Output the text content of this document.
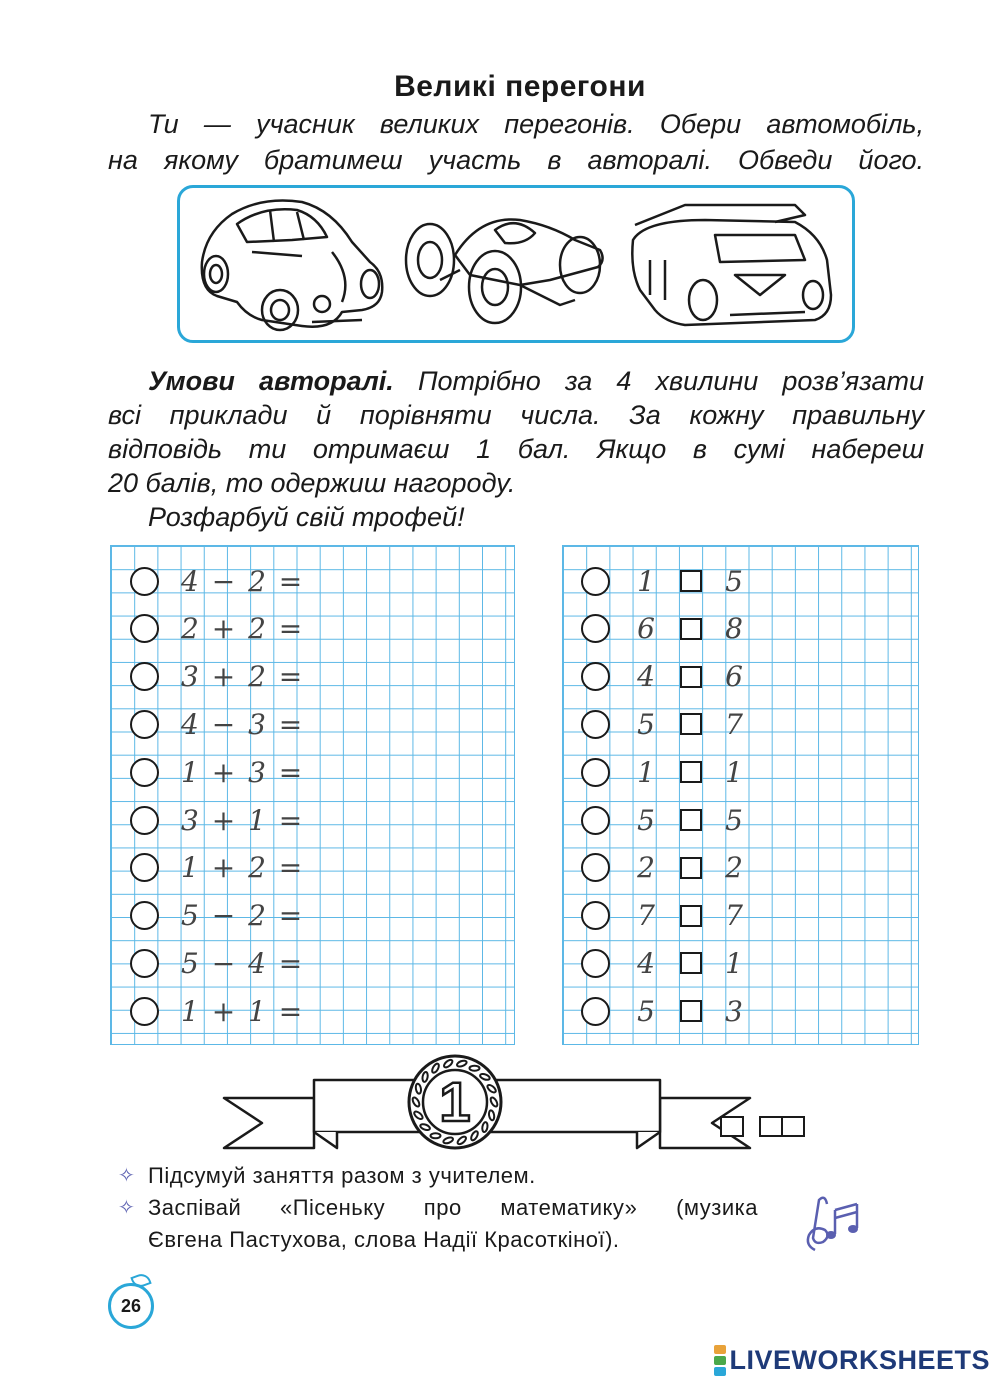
Великі перегони

Ти — учасник великих перегонів. Обери автомобіль,

на якому братимеш участь в авторалі. Обведи його.

Умови авторалі. Потрібно за 4 хвилини розв’язати

всі приклади й порівняти числа. За кожну правильну

відповідь ти отримаєш 1 бал. Якщо в сумі набереш

20 балів, то одержиш нагороду.

Розфарбуй свій трофей!

4 − 2 =
2 + 2 =
3 + 2 =
4 − 3 =
1 + 3 =
3 + 1 =
1 + 2 =
5 − 2 =
5 − 4 =
1 + 1 =
1 5
6 8
4 6
5 7
1 1
5 5
2 2
7 7
4 1
5 3
1
✧ Підсумуй заняття разом з учителем.
✧ Заспівай «Пісеньку про математику» (музика
Євгена Пастухова, слова Надії Красоткіної).
26
LIVEWORKSHEETS
